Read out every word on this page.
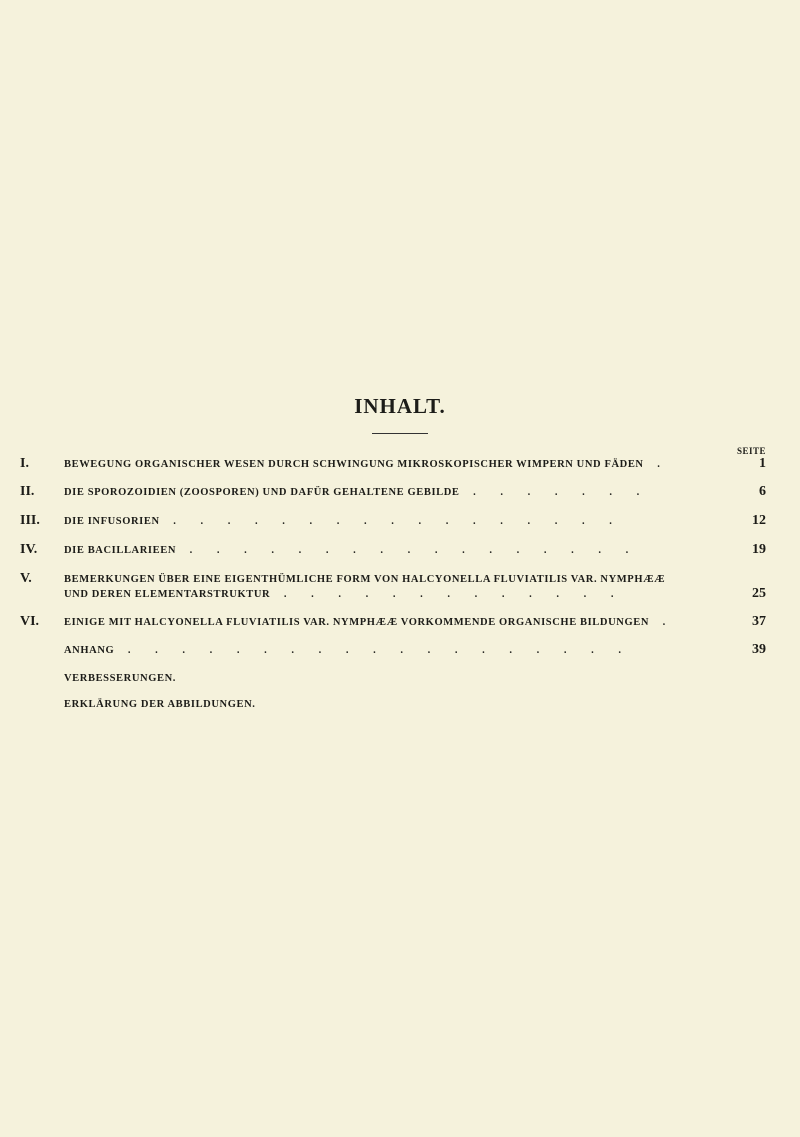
INHALT.
SEITE
I.	BEWEGUNG ORGANISCHER WESEN DURCH SCHWINGUNG MIKROSKOPISCHER WIMPERN UND FÄDEN .	1
II.	DIE SPOROZOIDIEN (ZOOSPOREN) UND DAFÜR GEHALTENE GEBILDE . . . . . . .	6
III.	DIE INFUSORIEN . . . . . . . . . . . . . . . . .	12
IV.	DIE BACILLARIEEN . . . . . . . . . . . . . . . . .	19
V.	BEMERKUNGEN ÜBER EINE EIGENTHÜMLICHE FORM VON HALCYONELLA FLUVIATILIS VAR. NYMPHÆÆ
UND DEREN ELEMENTARSTRUKTUR . . . . . . . . . . . . .	25
VI.	EINIGE MIT HALCYONELLA FLUVIATILIS VAR. NYMPHÆÆ VORKOMMENDE ORGANISCHE BILDUNGEN .	37
ANHANG . . . . . . . . . . . . . . . . . . .	39
VERBESSERUNGEN.
ERKLÄRUNG DER ABBILDUNGEN.
